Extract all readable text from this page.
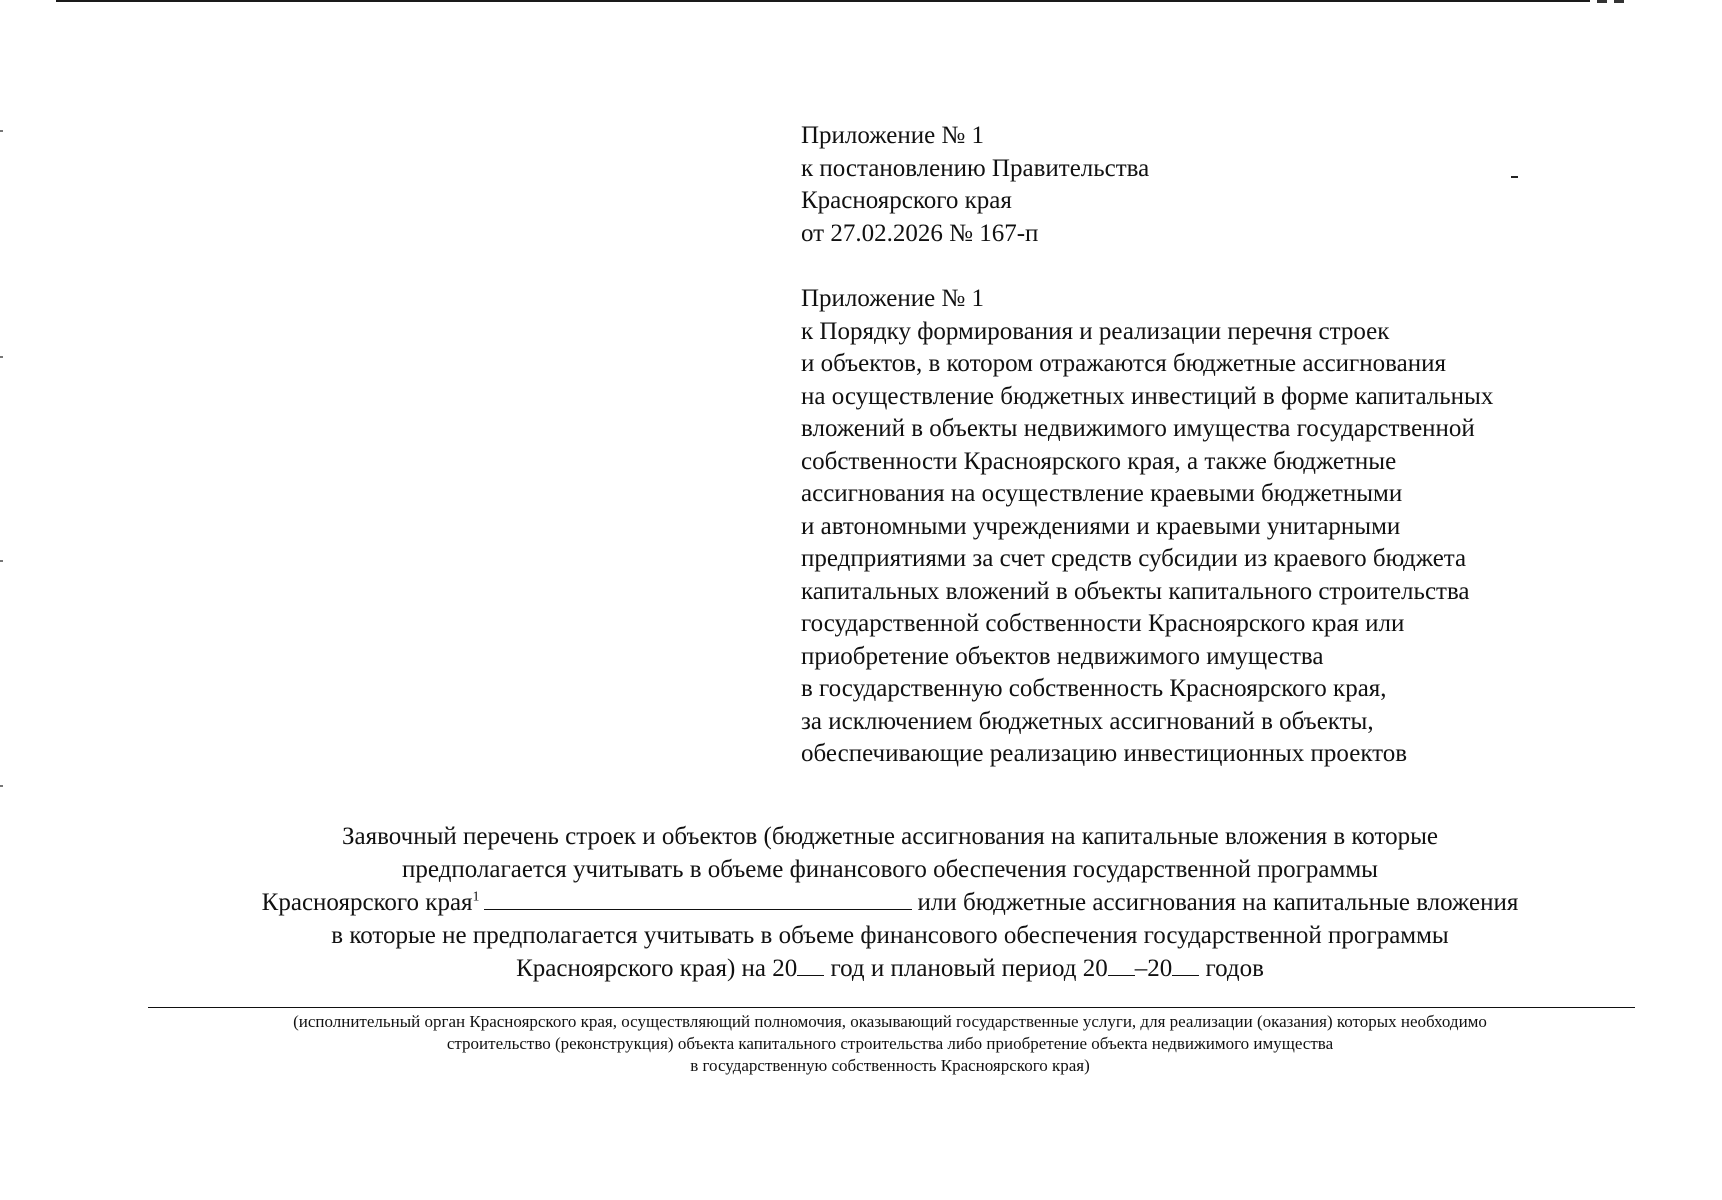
Приложение № 1
к постановлению Правительства
Красноярского края
от 27.02.2026 № 167-п
Приложение № 1
к Порядку формирования и реализации перечня строек
и объектов, в котором отражаются бюджетные ассигнования
на осуществление бюджетных инвестиций в форме капитальных
вложений в объекты недвижимого имущества государственной
собственности Красноярского края, а также бюджетные
ассигнования на осуществление краевыми бюджетными
и автономными учреждениями и краевыми унитарными
предприятиями за счет средств субсидии из краевого бюджета
капитальных вложений в объекты капитального строительства
государственной собственности Красноярского края или
приобретение объектов недвижимого имущества
в государственную собственность Красноярского края,
за исключением бюджетных ассигнований в объекты,
обеспечивающие реализацию инвестиционных проектов
Заявочный перечень строек и объектов (бюджетные ассигнования на капитальные вложения в которые
предполагается учитывать в объеме финансового обеспечения государственной программы
Красноярского края$^1$	или бюджетные ассигнования на капитальные вложения
в которые не предполагается учитывать в объеме финансового обеспечения государственной программы
Красноярского края) на 20 год и плановый период 20 –20 годов
(исполнительный орган Красноярского края, осуществляющий полномочия, оказывающий государственные услуги, для реализации (оказания) которых необходимо
строительство (реконструкция) объекта капитального строительства либо приобретение объекта недвижимого имущества
в государственную собственность Красноярского края)
